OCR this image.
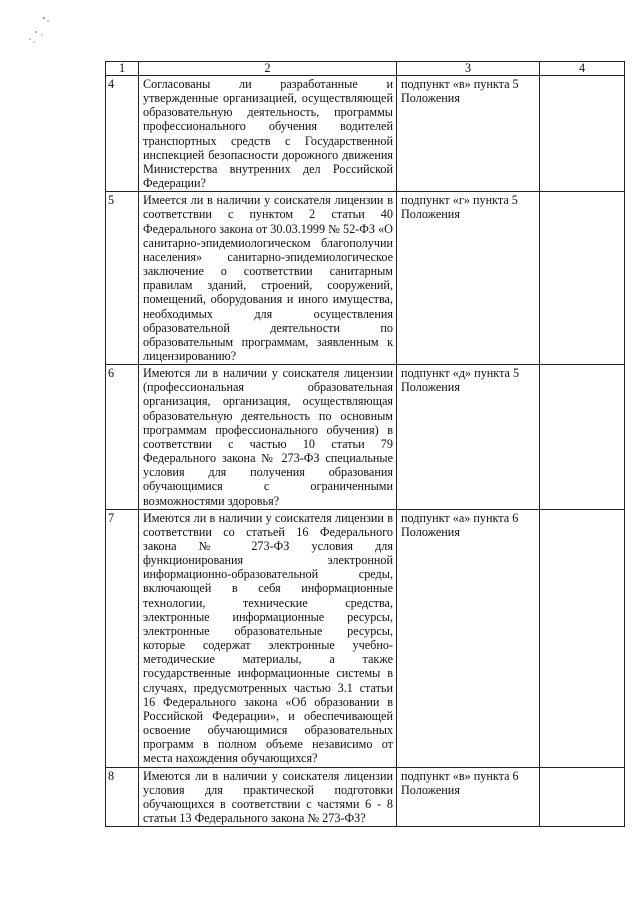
1	2	3	4
4	Согласованы ли разработанные и утвержденные организацией, осуществляющей образовательную деятельность, программы профессионального обучения водителей транспортных средств с Государственной инспекцией безопасности дорожного движения Министерства внутренних дел Российской Федерации?	подпункт «в» пункта 5 Положения	
5	Имеется ли в наличии у соискателя лицензии в соответствии с пунктом 2 статьи 40 Федерального закона от 30.03.1999 № 52-ФЗ «О санитарно-эпидемиологическом благополучии населения» санитарно-эпидемиологическое заключение о соответствии санитарным правилам зданий, строений, сооружений, помещений, оборудования и иного имущества, необходимых для осуществления образовательной деятельности по образовательным программам, заявленным к лицензированию?	подпункт «г» пункта 5 Положения	
6	Имеются ли в наличии у соискателя лицензии (профессиональная образовательная организация, организация, осуществляющая образовательную деятельность по основным программам профессионального обучения) в соответствии с частью 10 статьи 79 Федерального закона № 273-ФЗ специальные условия для получения образования обучающимися с ограниченными возможностями здоровья?	подпункт «д» пункта 5 Положения	
7	Имеются ли в наличии у соискателя лицензии в соответствии со статьей 16 Федерального закона № 273-ФЗ условия для функционирования электронной информационно-образовательной среды, включающей в себя информационные технологии, технические средства, электронные информационные ресурсы, электронные образовательные ресурсы, которые содержат электронные учебно-методические материалы, а также государственные информационные системы в случаях, предусмотренных частью 3.1 статьи 16 Федерального закона «Об образовании в Российской Федерации», и обеспечивающей освоение обучающимися образовательных программ в полном объеме независимо от места нахождения обучающихся?	подпункт «а» пункта 6 Положения	
8	Имеются ли в наличии у соискателя лицензии условия для практической подготовки обучающихся в соответствии с частями 6 - 8 статьи 13 Федерального закона № 273-ФЗ?	подпункт «в» пункта 6 Положения	
